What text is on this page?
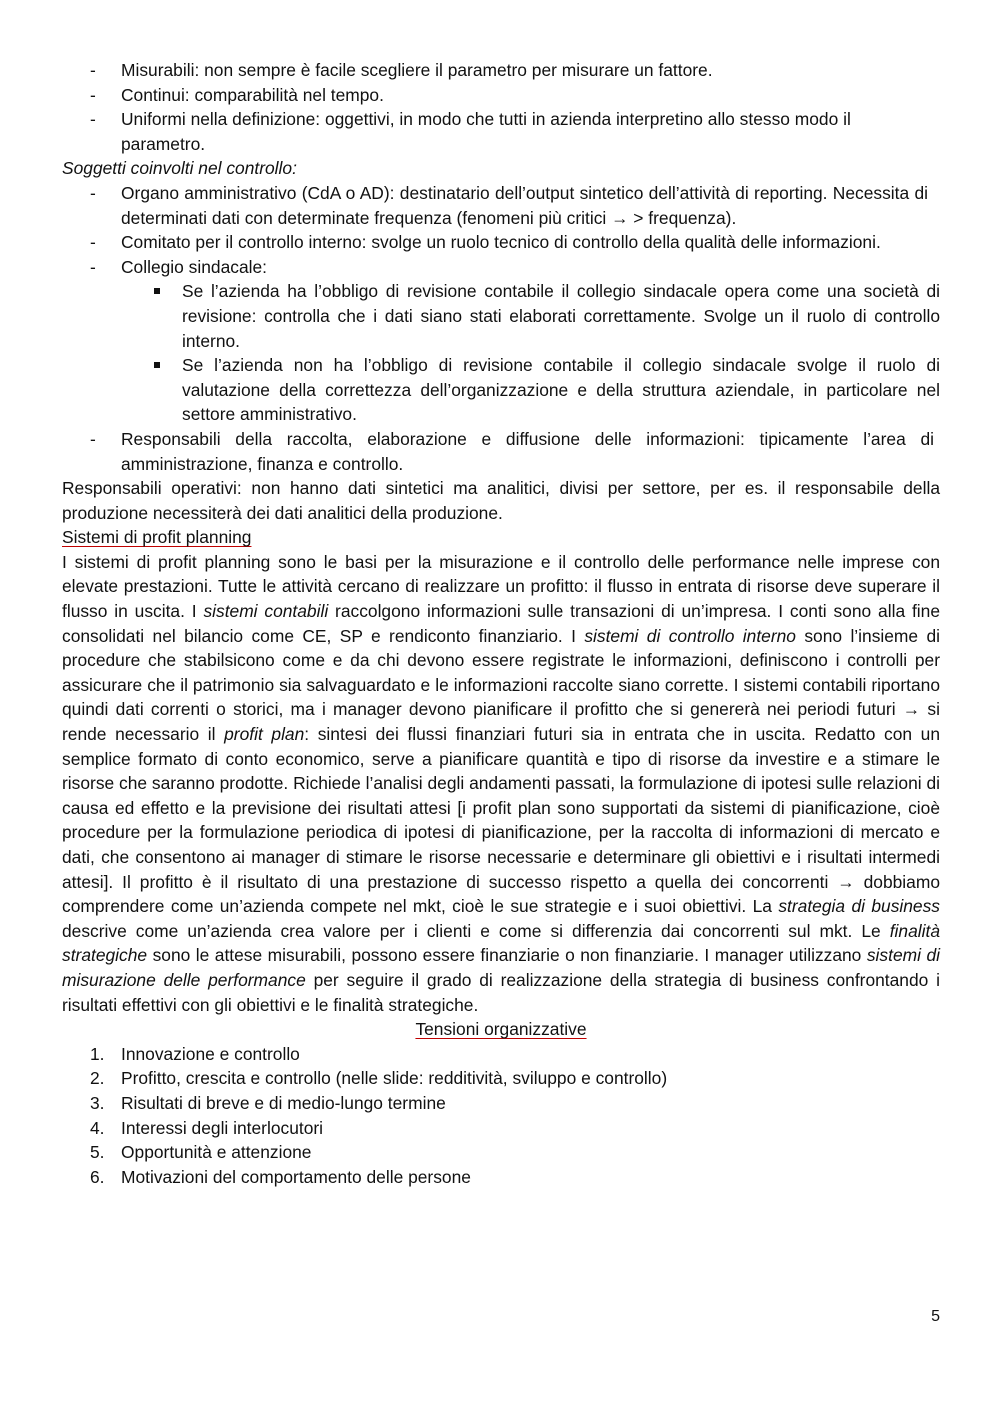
- Misurabili: non sempre è facile scegliere il parametro per misurare un fattore.
- Continui: comparabilità nel tempo.
- Uniformi nella definizione: oggettivi, in modo che tutti in azienda interpretino allo stesso modo il parametro.

Soggetti coinvolti nel controllo:

- Organo amministrativo (CdA o AD): destinatario dell’output sintetico dell’attività di reporting. Necessita di determinati dati con determinate frequenza (fenomeni più critici → > frequenza).
- Comitato per il controllo interno: svolge un ruolo tecnico di controllo della qualità delle informazioni.
- Collegio sindacale:
Se l’azienda ha l’obbligo di revisione contabile il collegio sindacale opera come una società di revisione: controlla che i dati siano stati elaborati correttamente. Svolge un il ruolo di controllo interno.
Se l’azienda non ha l’obbligo di revisione contabile il collegio sindacale svolge il ruolo di valutazione della correttezza dell’organizzazione e della struttura aziendale, in particolare nel settore amministrativo.
- Responsabili della raccolta, elaborazione e diffusione delle informazioni: tipicamente l’area di amministrazione, finanza e controllo.

Responsabili operativi: non hanno dati sintetici ma analitici, divisi per settore, per es. il responsabile della produzione necessiterà dei dati analitici della produzione.

Sistemi di profit planning

I sistemi di profit planning sono le basi per la misurazione e il controllo delle performance nelle imprese con elevate prestazioni. Tutte le attività cercano di realizzare un profitto: il flusso in entrata di risorse deve superare il flusso in uscita. I sistemi contabili raccolgono informazioni sulle transazioni di un’impresa. I conti sono alla fine consolidati nel bilancio come CE, SP e rendiconto finanziario. I sistemi di controllo interno sono l’insieme di procedure che stabilsicono come e da chi devono essere registrate le informazioni, definiscono i controlli per assicurare che il patrimonio sia salvaguardato e le informazioni raccolte siano corrette. I sistemi contabili riportano quindi dati correnti o storici, ma i manager devono pianificare il profitto che si genererà nei periodi futuri → si rende necessario il profit plan: sintesi dei flussi finanziari futuri sia in entrata che in uscita. Redatto con un semplice formato di conto economico, serve a pianificare quantità e tipo di risorse da investire e a stimare le risorse che saranno prodotte. Richiede l’analisi degli andamenti passati, la formulazione di ipotesi sulle relazioni di causa ed effetto e la previsione dei risultati attesi [i profit plan sono supportati da sistemi di pianificazione, cioè procedure per la formulazione periodica di ipotesi di pianificazione, per la raccolta di informazioni di mercato e dati, che consentono ai manager di stimare le risorse necessarie e determinare gli obiettivi e i risultati intermedi attesi]. Il profitto è il risultato di una prestazione di successo rispetto a quella dei concorrenti → dobbiamo comprendere come un’azienda compete nel mkt, cioè le sue strategie e i suoi obiettivi. La strategia di business descrive come un’azienda crea valore per i clienti e come si differenzia dai concorrenti sul mkt. Le finalità strategiche sono le attese misurabili, possono essere finanziarie o non finanziarie. I manager utilizzano sistemi di misurazione delle performance per seguire il grado di realizzazione della strategia di business confrontando i risultati effettivi con gli obiettivi e le finalità strategiche.

Tensioni organizzative

1. Innovazione e controllo
2. Profitto, crescita e controllo (nelle slide: redditività, sviluppo e controllo)
3. Risultati di breve e di medio-lungo termine
4. Interessi degli interlocutori
5. Opportunità e attenzione
6. Motivazioni del comportamento delle persone
5
